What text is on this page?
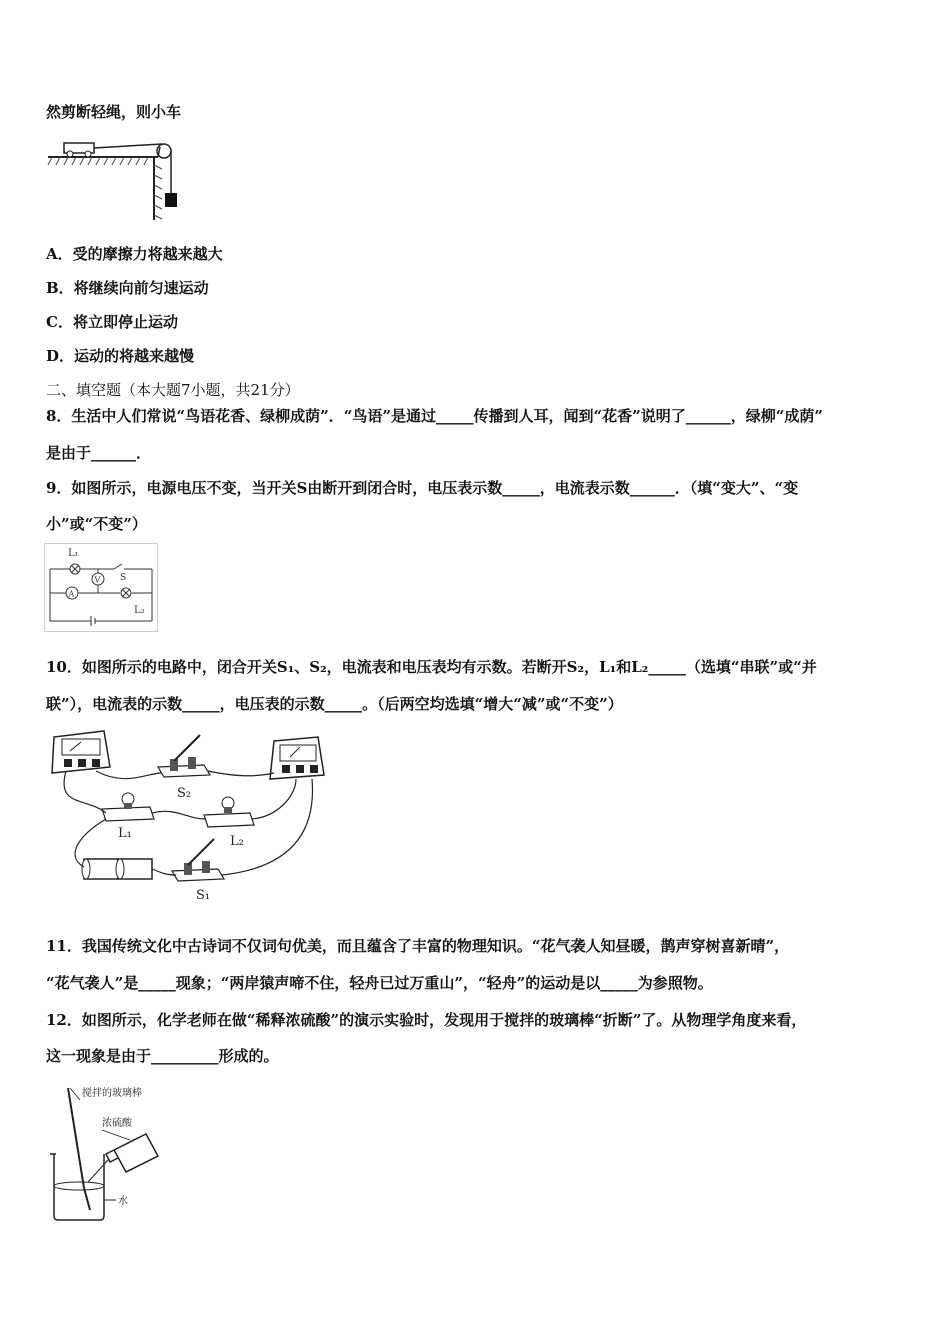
然剪断轻绳，则小车
A．受的摩擦力将越来越大
B．将继续向前匀速运动
C．将立即停止运动
D．运动的将越来越慢
二、填空题（本大题7小题，共21分）
8．生活中人们常说“鸟语花香、绿柳成荫”．“鸟语”是通过_____传播到人耳，闻到“花香”说明了______，绿柳“成荫”
是由于______．
9．如图所示，电源电压不变，当开关S由断开到闭合时，电压表示数_____，电流表示数______．（填“变大”、“变
小”或“不变”）
L₁
S
V
A
L₂
10．如图所示的电路中，闭合开关S₁、S₂，电流表和电压表均有示数。若断开S₂，L₁和L₂_____（选填“串联”或“并
联”），电流表的示数_____，电压表的示数_____。（后两空均选填“增大“减”或“不变”）
S₂
L₁
L₂
S₁
11．我国传统文化中古诗词不仅词句优美，而且蕴含了丰富的物理知识。“花气袭人知昼暖，鹊声穿树喜新晴”，
“花气袭人”是_____现象；“两岸猿声啼不住，轻舟已过万重山”，“轻舟”的运动是以_____为参照物。
12．如图所示，化学老师在做“稀释浓硫酸”的演示实验时，发现用于搅拌的玻璃棒“折断”了。从物理学角度来看，
这一现象是由于_________形成的。
搅拌的玻璃棒
浓硫酸
水
